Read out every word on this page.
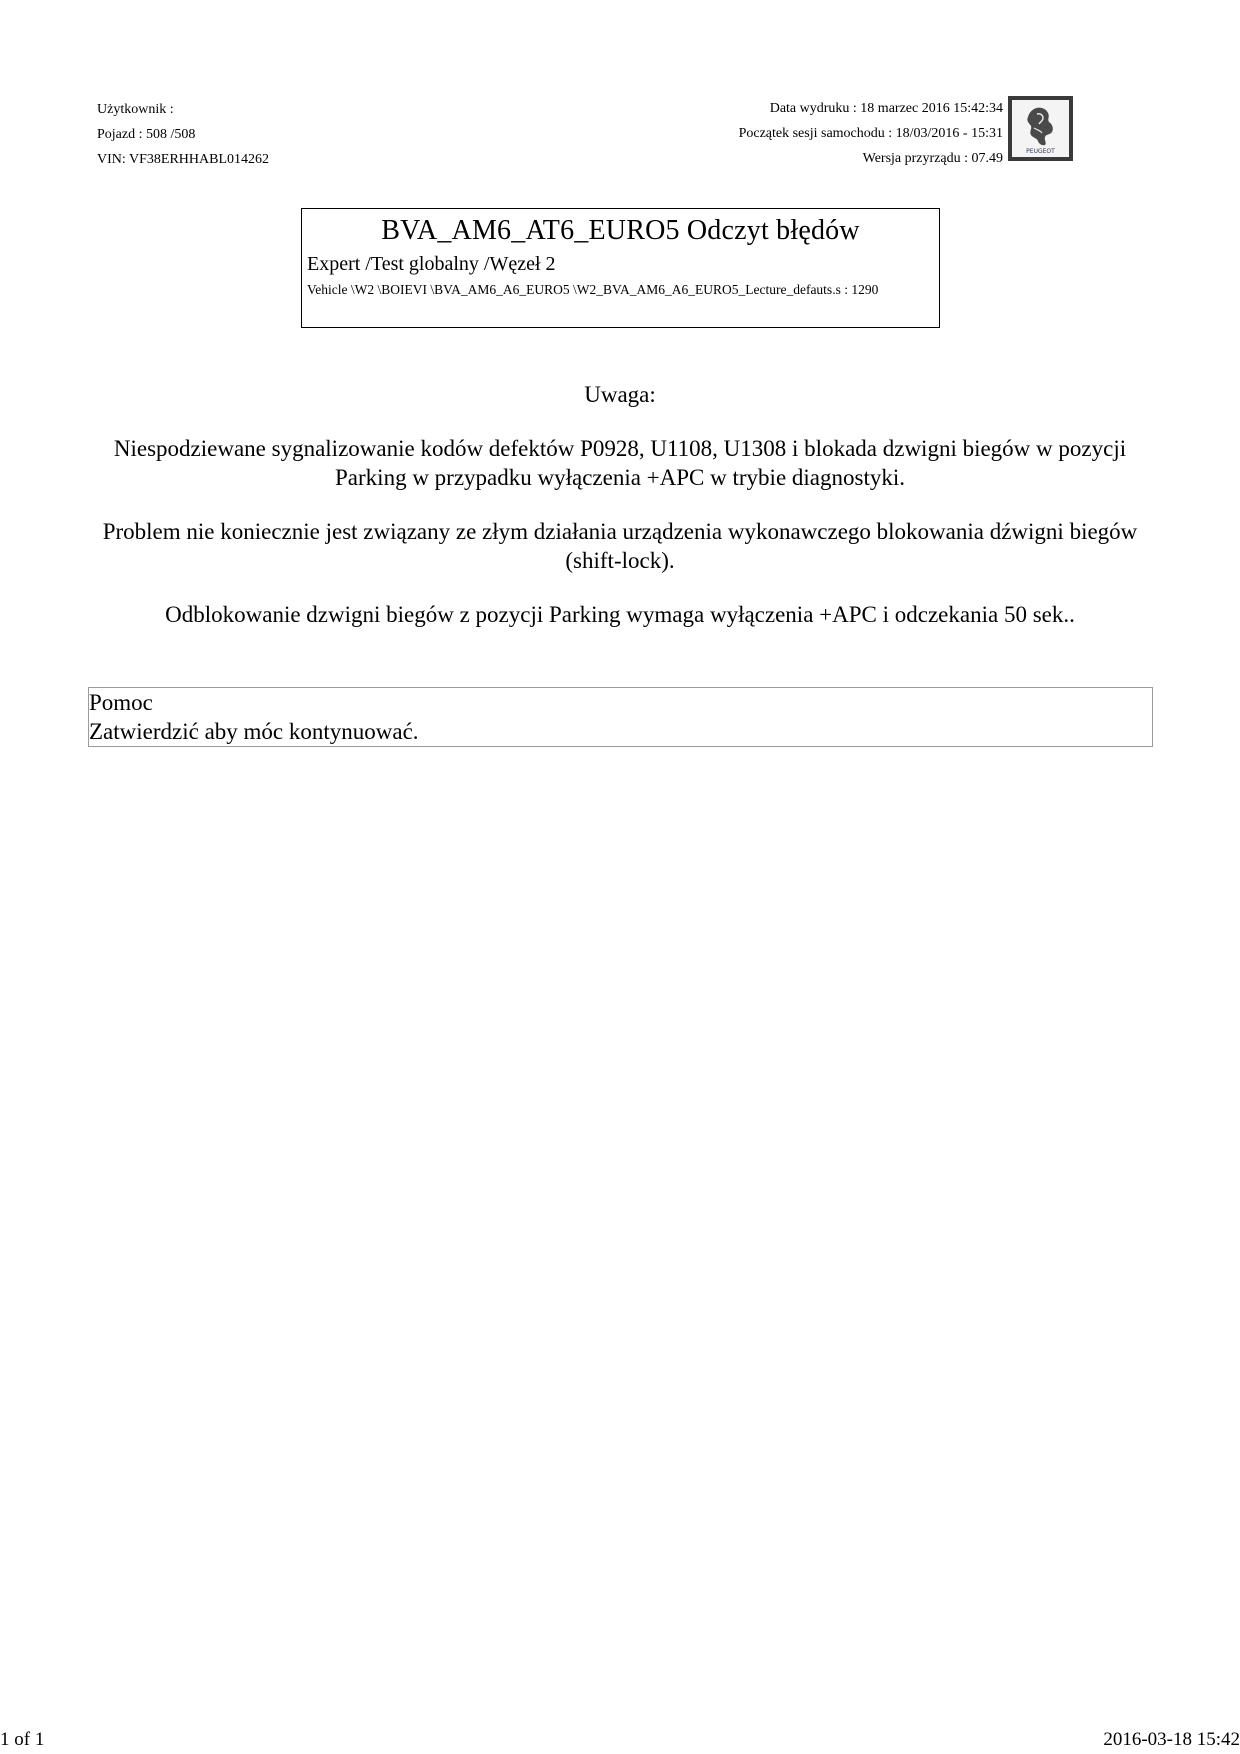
Użytkownik :
Pojazd : 508 /508
VIN: VF38ERHHABL014262
Data wydruku : 18 marzec 2016 15:42:34
Początek sesji samochodu : 18/03/2016 - 15:31
Wersja przyrządu : 07.49	PEUGEOT
BVA_AM6_AT6_EURO5 Odczyt błędów
Expert /Test globalny /Węzeł 2
Vehicle \W2 \BOIEVI \BVA_AM6_A6_EURO5 \W2_BVA_AM6_A6_EURO5_Lecture_defauts.s : 1290

Uwaga:

Niespodziewane sygnalizowanie kodów defektów P0928, U1108, U1308 i blokada dzwigni biegów w pozycji Parking w przypadku wyłączenia +APC w trybie diagnostyki.

Problem nie koniecznie jest związany ze złym działania urządzenia wykonawczego blokowania dźwigni biegów (shift-lock).

Odblokowanie dzwigni biegów z pozycji Parking wymaga wyłączenia +APC i odczekania 50 sek..

Pomoc
Zatwierdzić aby móc kontynuować.
1 of 1	2016-03-18 15:42
